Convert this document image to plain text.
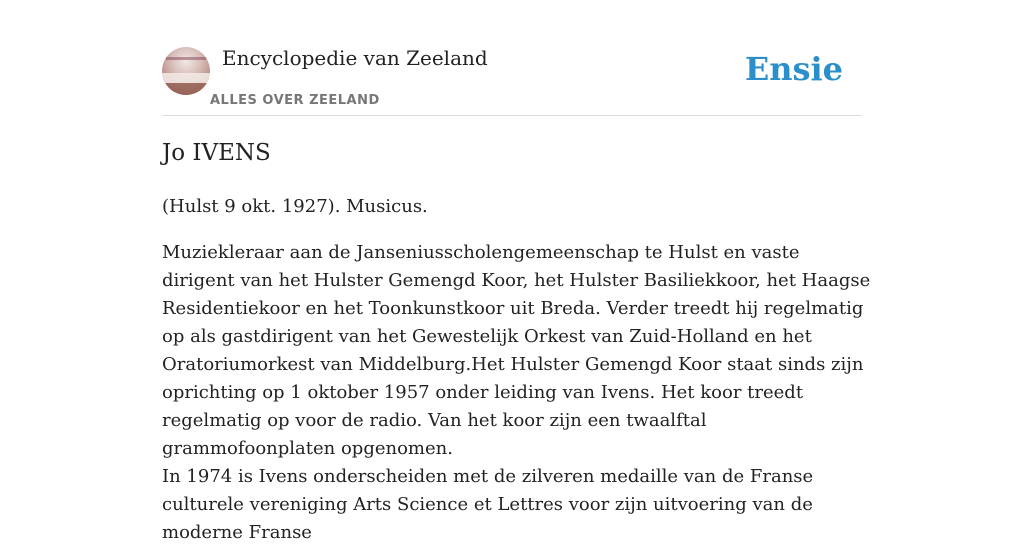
Encyclopedie van Zeeland
ALLES OVER ZEELAND
Ensie
Jo IVENS

(Hulst 9 okt. 1927). Musicus.

Muziekleraar aan de Janseniusscholengemeenschap te Hulst en vaste dirigent van het Hulster Gemengd Koor, het Hulster Basiliekkoor, het Haagse Residentiekoor en het Toonkunstkoor uit Breda. Verder treedt hij regelmatig op als gastdirigent van het Gewestelijk Orkest van Zuid-Holland en het Oratoriumorkest van Middelburg.Het Hulster Gemengd Koor staat sinds zijn oprichting op 1 oktober 1957 onder leiding van Ivens. Het koor treedt regelmatig op voor de radio. Van het koor zijn een twaalftal grammofoonplaten opgenomen.

In 1974 is Ivens onderscheiden met de zilveren medaille van de Franse culturele vereniging Arts Science et Lettres voor zijn uitvoering van de moderne Franse
